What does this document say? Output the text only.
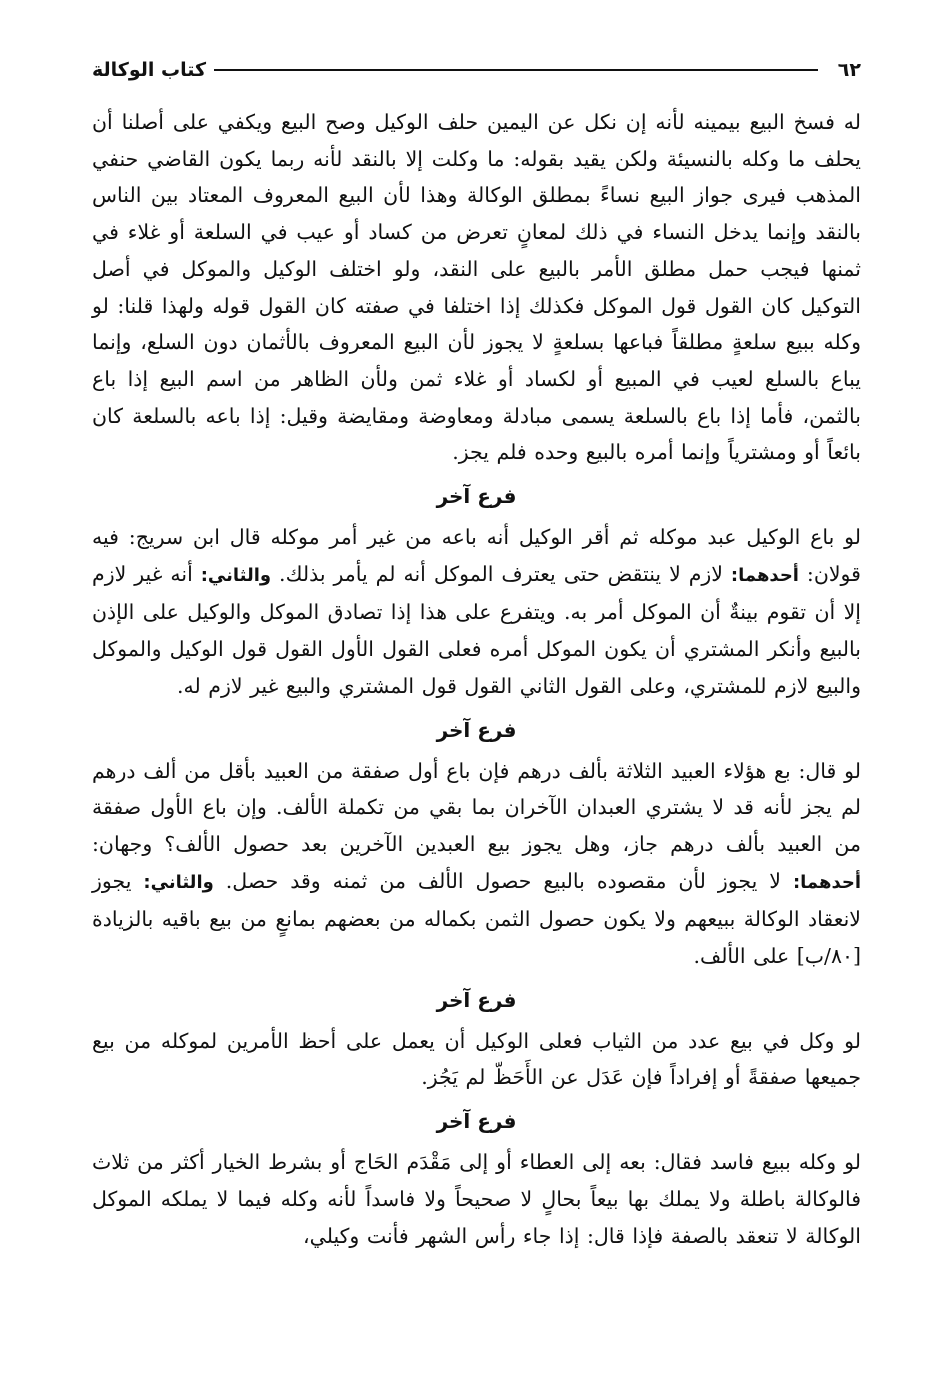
٦٢
كتاب الوكالة

له فسخ البيع بيمينه لأنه إن نكل عن اليمين حلف الوكيل وصح البيع ويكفي على أصلنا أن يحلف ما وكله بالنسيئة ولكن يقيد بقوله: ما وكلت إلا بالنقد لأنه ربما يكون القاضي حنفي المذهب فيرى جواز البيع نساءً بمطلق الوكالة وهذا لأن البيع المعروف المعتاد بين الناس بالنقد وإنما يدخل النساء في ذلك لمعانٍ تعرض من كساد أو عيب في السلعة أو غلاء في ثمنها فيجب حمل مطلق الأمر بالبيع على النقد، ولو اختلف الوكيل والموكل في أصل التوكيل كان القول قول الموكل فكذلك إذا اختلفا في صفته كان القول قوله ولهذا قلنا: لو وكله ببيع سلعةٍ مطلقاً فباعها بسلعةٍ لا يجوز لأن البيع المعروف بالأثمان دون السلع، وإنما يباع بالسلع لعيب في المبيع أو لكساد أو غلاء ثمن ولأن الظاهر من اسم البيع إذا باع بالثمن، فأما إذا باع بالسلعة يسمى مبادلة ومعاوضة ومقايضة وقيل: إذا باعه بالسلعة كان بائعاً أو ومشترياً وإنما أمره بالبيع وحده فلم يجز.

فرع آخر

لو باع الوكيل عبد موكله ثم أقر الوكيل أنه باعه من غير أمر موكله قال ابن سريج: فيه قولان: أحدهما: لازم لا ينتقض حتى يعترف الموكل أنه لم يأمر بذلك. والثاني: أنه غير لازم إلا أن تقوم بينةٌ أن الموكل أمر به. ويتفرع على هذا إذا تصادق الموكل والوكيل على الإذن بالبيع وأنكر المشتري أن يكون الموكل أمره فعلى القول الأول القول قول الوكيل والموكل والبيع لازم للمشتري، وعلى القول الثاني القول قول المشتري والبيع غير لازم له.

فرع آخر

لو قال: بع هؤلاء العبيد الثلاثة بألف درهم فإن باع أول صفقة من العبيد بأقل من ألف درهم لم يجز لأنه قد لا يشتري العبدان الآخران بما بقي من تكملة الألف. وإن باع الأول صفقة من العبيد بألف درهم جاز، وهل يجوز بيع العبدين الآخرين بعد حصول الألف؟ وجهان: أحدهما: لا يجوز لأن مقصوده بالبيع حصول الألف من ثمنه وقد حصل. والثاني: يجوز لانعقاد الوكالة ببيعهم ولا يكون حصول الثمن بكماله من بعضهم بمانعٍ من بيع باقيه بالزيادة [٨٠/ب] على الألف.

فرع آخر

لو وكل في بيع عدد من الثياب فعلى الوكيل أن يعمل على أحظ الأمرين لموكله من بيع جميعها صفقةً أو إفراداً فإن عَدَل عن الأَحَظّ لم يَجُز.

فرع آخر

لو وكله ببيع فاسد فقال: بعه إلى العطاء أو إلى مَقْدَم الحَاج أو بشرط الخيار أكثر من ثلاث فالوكالة باطلة ولا يملك بها بيعاً بحالٍ لا صحيحاً ولا فاسداً لأنه وكله فيما لا يملكه الموكل الوكالة لا تنعقد بالصفة فإذا قال: إذا جاء رأس الشهر فأنت وكيلي،
